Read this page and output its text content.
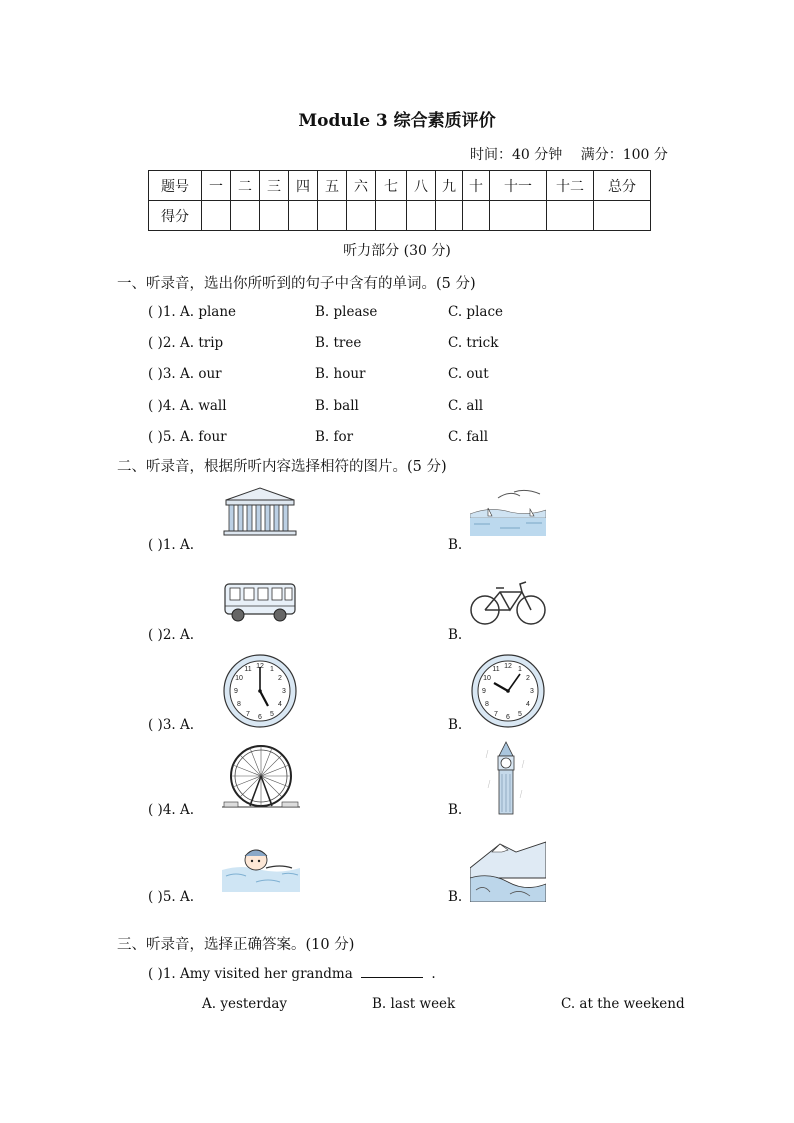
Module 3 综合素质评价
时间：40 分钟 满分：100 分
题号	一	二	三	四	五	六	七	八	九	十	十一	十二	总分
得分													
听力部分 (30 分)
一、听录音，选出你所听到的句子中含有的单词。(5 分)
( )1. A. plane	B. please	C. place
( )2. A. trip	B. tree	C. trick
( )3. A. our	B. hour	C. out
( )4. A. wall	B. ball	C. all
( )5. A. four	B. for	C. fall
二、听录音，根据所听内容选择相符的图片。(5 分)
( )1. A.	B.
( )2. A.	B.
12 1
2
3
4
5
6
7
8
9
10
11	12 1
2
3
4
5
6
7
8
9
10
11
( )3. A.	B.
( )4. A.	B.
( )5. A.	B.
三、听录音，选择正确答案。(10 分)
( )1. Amy visited her grandma	.
A. yesterday	B. last week	C. at the weekend
